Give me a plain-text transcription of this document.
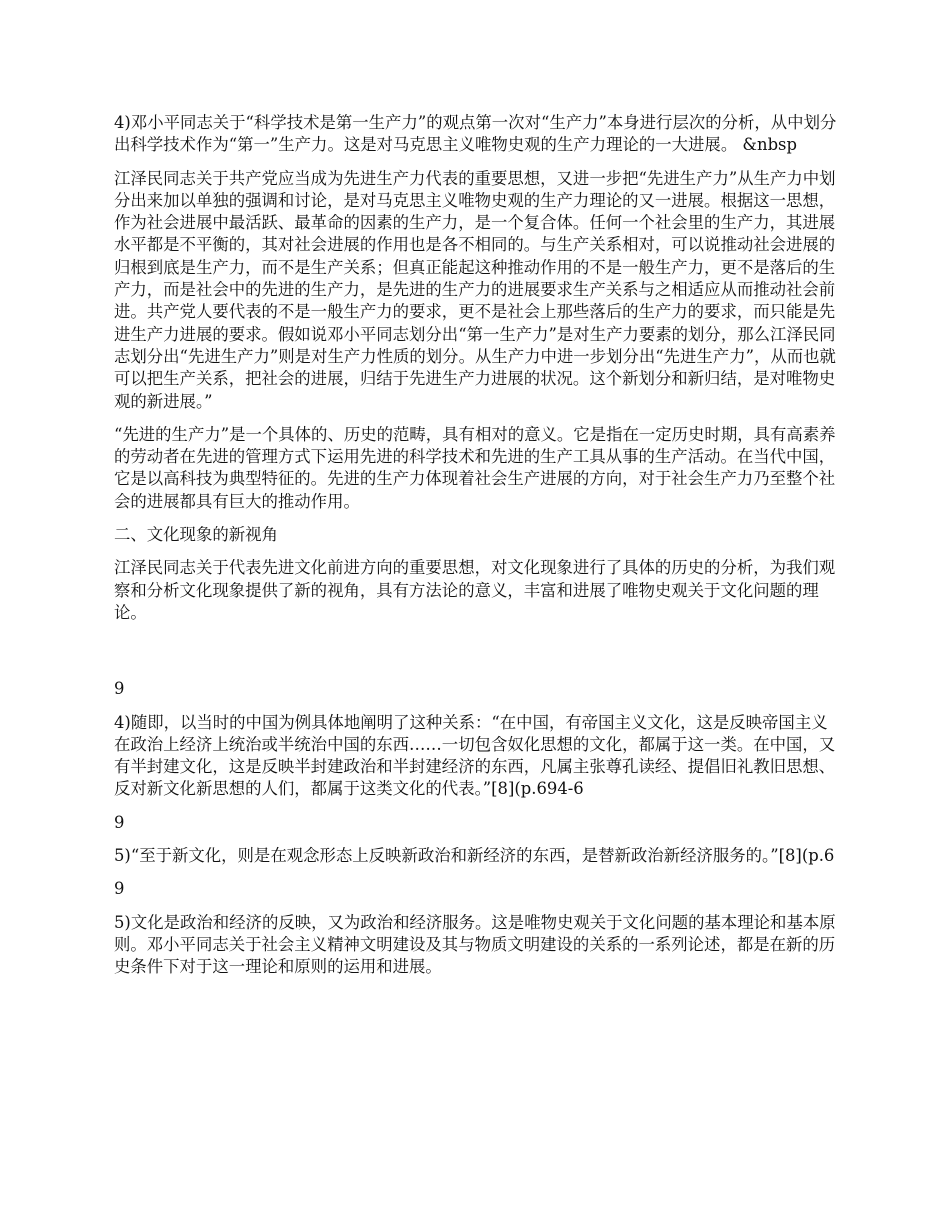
4)邓小平同志关于“科学技术是第一生产力”的观点第一次对“生产力”本身进行层次的分析，从中划分出科学技术作为“第一”生产力。这是对马克思主义唯物史观的生产力理论的一大进展。 &nbsp

江泽民同志关于共产党应当成为先进生产力代表的重要思想，又进一步把“先进生产力”从生产力中划分出来加以单独的强调和讨论，是对马克思主义唯物史观的生产力理论的又一进展。根据这一思想，作为社会进展中最活跃、最革命的因素的生产力，是一个复合体。任何一个社会里的生产力，其进展水平都是不平衡的，其对社会进展的作用也是各不相同的。与生产关系相对，可以说推动社会进展的归根到底是生产力，而不是生产关系；但真正能起这种推动作用的不是一般生产力，更不是落后的生产力，而是社会中的先进的生产力，是先进的生产力的进展要求生产关系与之相适应从而推动社会前进。共产党人要代表的不是一般生产力的要求，更不是社会上那些落后的生产力的要求，而只能是先进生产力进展的要求。假如说邓小平同志划分出“第一生产力”是对生产力要素的划分，那么江泽民同志划分出“先进生产力”则是对生产力性质的划分。从生产力中进一步划分出“先进生产力”，从而也就可以把生产关系，把社会的进展，归结于先进生产力进展的状况。这个新划分和新归结，是对唯物史观的新进展。”

“先进的生产力”是一个具体的、历史的范畴，具有相对的意义。它是指在一定历史时期，具有高素养的劳动者在先进的管理方式下运用先进的科学技术和先进的生产工具从事的生产活动。在当代中国，它是以高科技为典型特征的。先进的生产力体现着社会生产进展的方向，对于社会生产力乃至整个社会的进展都具有巨大的推动作用。

二、文化现象的新视角

江泽民同志关于代表先进文化前进方向的重要思想，对文化现象进行了具体的历史的分析，为我们观察和分析文化现象提供了新的视角，具有方法论的意义，丰富和进展了唯物史观关于文化问题的理论。

9

4)随即，以当时的中国为例具体地阐明了这种关系：“在中国，有帝国主义文化，这是反映帝国主义在政治上经济上统治或半统治中国的东西……一切包含奴化思想的文化，都属于这一类。在中国，又有半封建文化，这是反映半封建政治和半封建经济的东西，凡属主张尊孔读经、提倡旧礼教旧思想、反对新文化新思想的人们，都属于这类文化的代表。”[8](p.694-6

9

5)“至于新文化，则是在观念形态上反映新政治和新经济的东西，是替新政治新经济服务的。”[8](p.6

9

5)文化是政治和经济的反映，又为政治和经济服务。这是唯物史观关于文化问题的基本理论和基本原则。邓小平同志关于社会主义精神文明建设及其与物质文明建设的关系的一系列论述，都是在新的历史条件下对于这一理论和原则的运用和进展。
